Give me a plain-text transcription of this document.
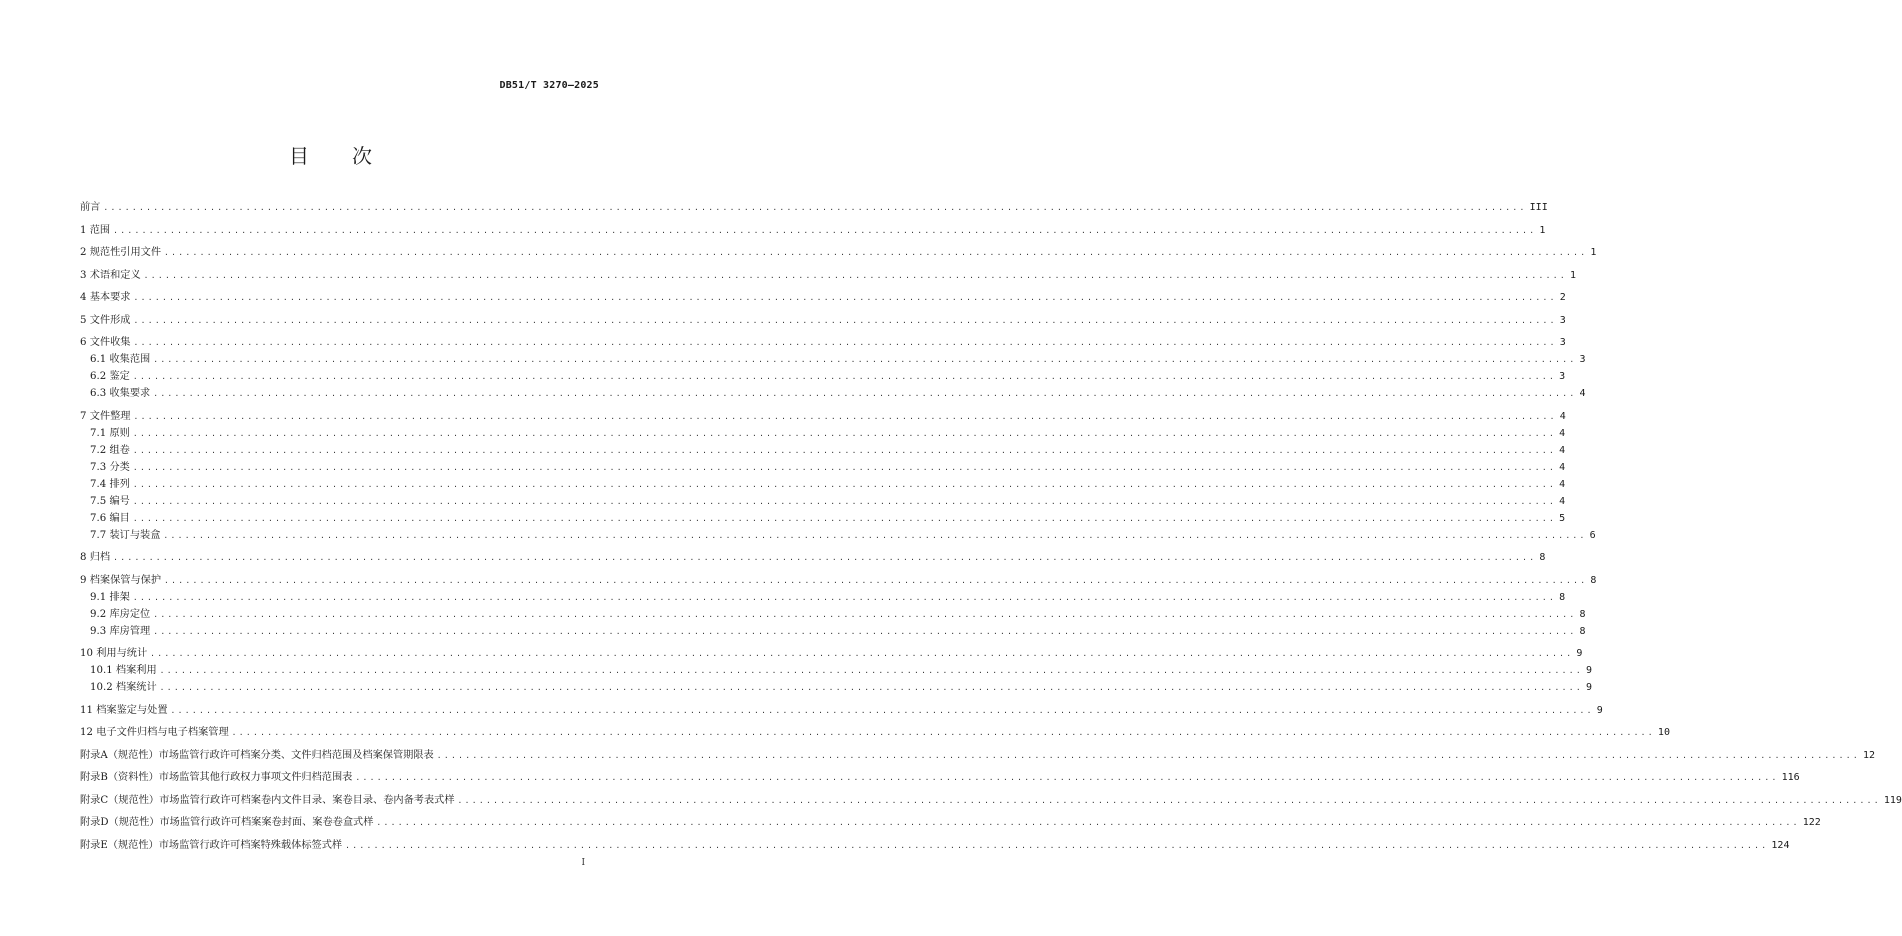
DB51/T 3270—2025
目 次
前言 ........................................................................................................................................................................................................ III
1 范围 ........................................................................................................................................................................................................ 1
2 规范性引用文件 ........................................................................................................................................................................................................ 1
3 术语和定义 ........................................................................................................................................................................................................ 1
4 基本要求 ........................................................................................................................................................................................................ 2
5 文件形成 ........................................................................................................................................................................................................ 3
6 文件收集 ........................................................................................................................................................................................................ 3
6.1 收集范围 ........................................................................................................................................................................................................ 3
6.2 鉴定 ........................................................................................................................................................................................................ 3
6.3 收集要求 ........................................................................................................................................................................................................ 4
7 文件整理 ........................................................................................................................................................................................................ 4
7.1 原则 ........................................................................................................................................................................................................ 4
7.2 组卷 ........................................................................................................................................................................................................ 4
7.3 分类 ........................................................................................................................................................................................................ 4
7.4 排列 ........................................................................................................................................................................................................ 4
7.5 编号 ........................................................................................................................................................................................................ 4
7.6 编目 ........................................................................................................................................................................................................ 5
7.7 装订与装盒 ........................................................................................................................................................................................................ 6
8 归档 ........................................................................................................................................................................................................ 8
9 档案保管与保护 ........................................................................................................................................................................................................ 8
9.1 排架 ........................................................................................................................................................................................................ 8
9.2 库房定位 ........................................................................................................................................................................................................ 8
9.3 库房管理 ........................................................................................................................................................................................................ 8
10 利用与统计 ........................................................................................................................................................................................................ 9
10.1 档案利用 ........................................................................................................................................................................................................ 9
10.2 档案统计 ........................................................................................................................................................................................................ 9
11 档案鉴定与处置 ........................................................................................................................................................................................................ 9
12 电子文件归档与电子档案管理 ........................................................................................................................................................................................................ 10
附录A（规范性）市场监管行政许可档案分类、文件归档范围及档案保管期限表 ........................................................................................................................................................................................................ 12
附录B（资料性）市场监管其他行政权力事项文件归档范围表 ........................................................................................................................................................................................................ 116
附录C（规范性）市场监管行政许可档案卷内文件目录、案卷目录、卷内备考表式样 ........................................................................................................................................................................................................ 119
附录D（规范性）市场监管行政许可档案案卷封面、案卷卷盒式样 ........................................................................................................................................................................................................ 122
附录E（规范性）市场监管行政许可档案特殊载体标签式样 ........................................................................................................................................................................................................ 124
I
